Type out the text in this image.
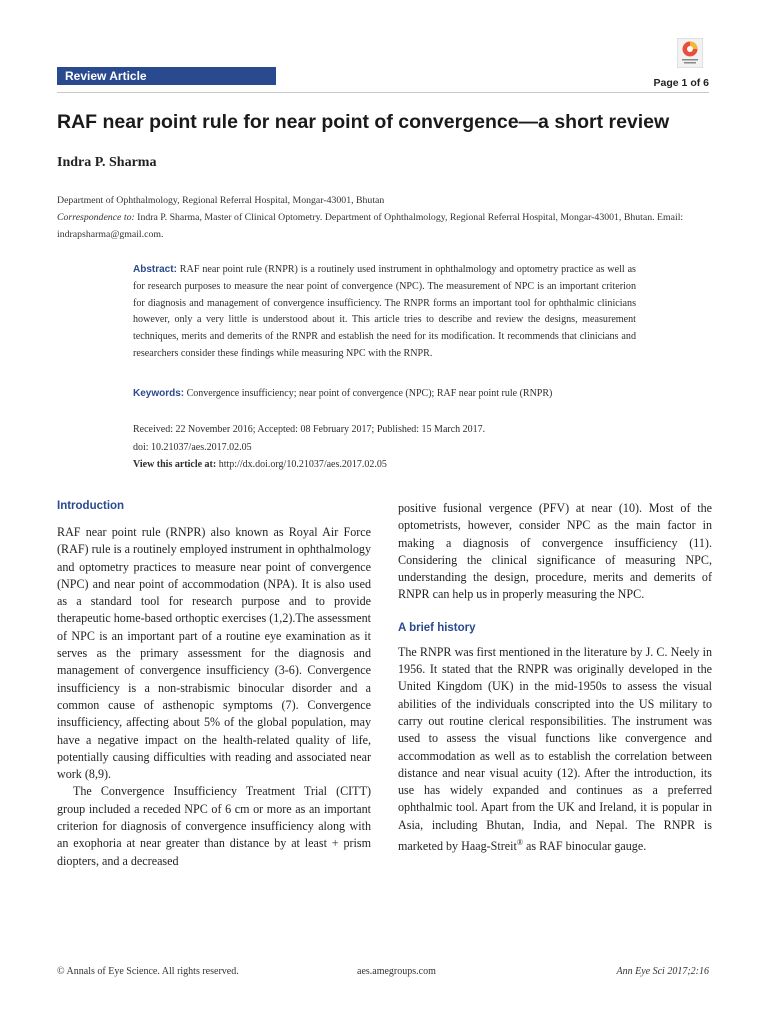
Review Article	Page 1 of 6
RAF near point rule for near point of convergence—a short review
Indra P. Sharma
Department of Ophthalmology, Regional Referral Hospital, Mongar-43001, Bhutan
Correspondence to: Indra P. Sharma, Master of Clinical Optometry. Department of Ophthalmology, Regional Referral Hospital, Mongar-43001, Bhutan. Email: indrapsharma@gmail.com.
Abstract: RAF near point rule (RNPR) is a routinely used instrument in ophthalmology and optometry practice as well as for research purposes to measure the near point of convergence (NPC). The measurement of NPC is an important criterion for diagnosis and management of convergence insufficiency. The RNPR forms an important tool for ophthalmic clinicians however, only a very little is understood about it. This article tries to describe and review the designs, measurement techniques, merits and demerits of the RNPR and establish the need for its modification. It recommends that clinicians and researchers consider these findings while measuring NPC with the RNPR.
Keywords: Convergence insufficiency; near point of convergence (NPC); RAF near point rule (RNPR)
Received: 22 November 2016; Accepted: 08 February 2017; Published: 15 March 2017.
doi: 10.21037/aes.2017.02.05
View this article at: http://dx.doi.org/10.21037/aes.2017.02.05
Introduction

RAF near point rule (RNPR) also known as Royal Air Force (RAF) rule is a routinely employed instrument in ophthalmology and optometry practices to measure near point of convergence (NPC) and near point of accommodation (NPA). It is also used as a standard tool for research purpose and to provide therapeutic home-based orthoptic exercises (1,2).The assessment of NPC is an important part of a routine eye examination as it serves as the primary assessment for the diagnosis and management of convergence insufficiency (3-6). Convergence insufficiency is a non-strabismic binocular disorder and a common cause of asthenopic symptoms (7). Convergence insufficiency, affecting about 5% of the global population, may have a negative impact on the health-related quality of life, potentially causing difficulties with reading and associated near work (8,9).

The Convergence Insufficiency Treatment Trial (CITT) group included a receded NPC of 6 cm or more as an important criterion for diagnosis of convergence insufficiency along with an exophoria at near greater than distance by at least + prism diopters, and a decreased

positive fusional vergence (PFV) at near (10). Most of the optometrists, however, consider NPC as the main factor in making a diagnosis of convergence insufficiency (11). Considering the clinical significance of measuring NPC, understanding the design, procedure, merits and demerits of RNPR can help us in properly measuring the NPC.

A brief history

The RNPR was first mentioned in the literature by J. C. Neely in 1956. It stated that the RNPR was originally developed in the United Kingdom (UK) in the mid-1950s to assess the visual abilities of the individuals conscripted into the US military to carry out routine clerical responsibilities. The instrument was used to assess the visual functions like convergence and accommodation as well as to establish the correlation between distance and near visual acuity (12). After the introduction, its use has widely expanded and continues as a preferred ophthalmic tool. Apart from the UK and Ireland, it is popular in Asia, including Bhutan, India, and Nepal. The RNPR is marketed by Haag-Streit® as RAF binocular gauge.

© Annals of Eye Science. All rights reserved.	aes.amegroups.com	Ann Eye Sci 2017;2:16
